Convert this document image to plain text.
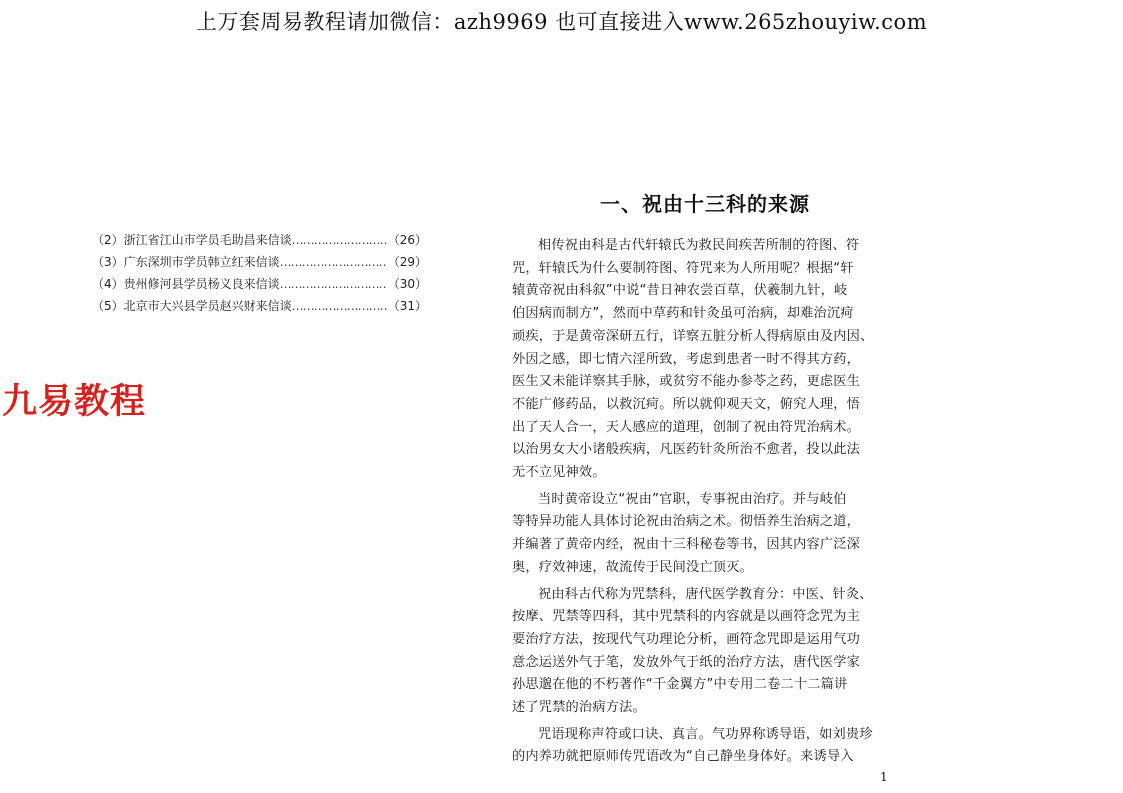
上万套周易教程请加微信：azh9969 也可直接进入www.265zhouyiw.com
（2）浙江省江山市学员毛助昌来信谈 …………………………………………………………	（26）
（3）广东深圳市学员韩立红来信谈 …………………………………………………………	（29）
（4）贵州修河县学员杨义良来信谈 …………………………………………………………	（30）
（5）北京市大兴县学员赵兴财来信谈 …………………………………………………………	（31）
九易教程
一、祝由十三科的来源
相传祝由科是古代轩辕氏为救民间疾苦所制的符图、符
咒，轩辕氏为什么要制符图、符咒来为人所用呢？根据“轩
辕黄帝祝由科叙”中说“昔日神农尝百草，伏羲制九针，岐
伯因病而制方”，然而中草药和针灸虽可治病，却难治沉疴
顽疾，于是黄帝深研五行，详察五脏分析人得病原由及内因、
外因之感，即七情六淫所致，考虑到患者一时不得其方药，
医生又未能详察其手脉，或贫穷不能办参苓之药，更虑医生
不能广修药品，以救沉疴。所以就仰观天文，俯究人理，悟
出了天人合一，天人感应的道理，创制了祝由符咒治病术。
以治男女大小诸般疾病，凡医药针灸所治不愈者，投以此法
无不立见神效。
当时黄帝设立“祝由”官职，专事祝由治疗。并与岐伯
等特异功能人具体讨论祝由治病之术。彻悟养生治病之道，
并编著了黄帝内经，祝由十三科秘卷等书，因其内容广泛深
奥，疗效神速，故流传于民间没亡顶灭。
祝由科古代称为咒禁科，唐代医学教育分：中医、针灸、
按摩、咒禁等四科，其中咒禁科的内容就是以画符念咒为主
要治疗方法，按现代气功理论分析，画符念咒即是运用气功
意念运送外气于笔，发放外气于纸的治疗方法，唐代医学家
孙思邈在他的不朽著作“千金翼方”中专用二卷二十二篇讲
述了咒禁的治病方法。
咒语现称声符或口诀、真言。气功界称诱导语，如刘贵珍
的内养功就把原师传咒语改为“自己静坐身体好。来诱导入
1
